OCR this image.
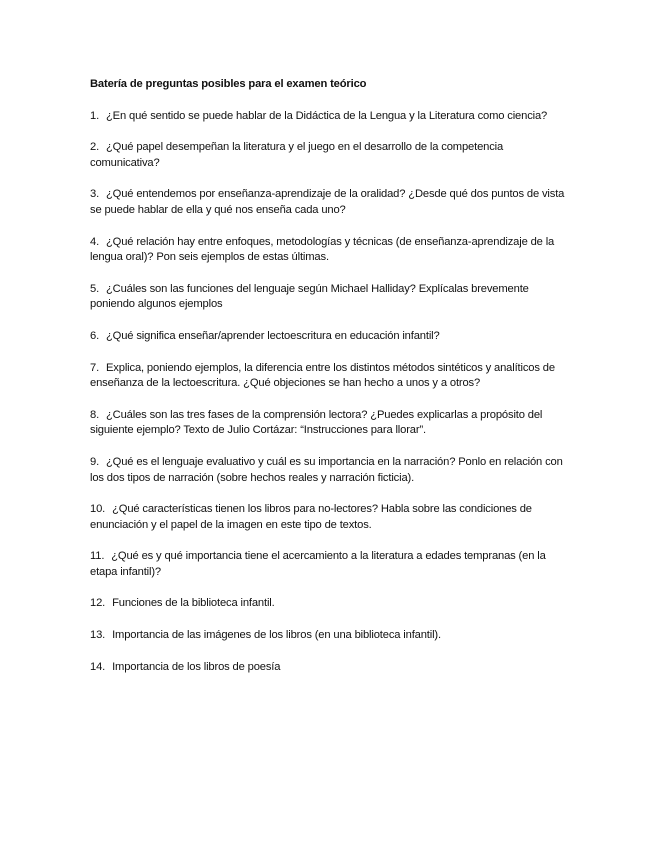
Batería de preguntas posibles para el examen teórico
1. ¿En qué sentido se puede hablar de la Didáctica de la Lengua y la Literatura como ciencia?
2. ¿Qué papel desempeñan la literatura y el juego en el desarrollo de la competencia comunicativa?
3. ¿Qué entendemos por enseñanza-aprendizaje de la oralidad? ¿Desde qué dos puntos de vista se puede hablar de ella y qué nos enseña cada uno?
4. ¿Qué relación hay entre enfoques, metodologías y técnicas (de enseñanza-aprendizaje de la lengua oral)? Pon seis ejemplos de estas últimas.
5. ¿Cuáles son las funciones del lenguaje según Michael Halliday? Explícalas brevemente poniendo algunos ejemplos
6. ¿Qué significa enseñar/aprender lectoescritura en educación infantil?
7. Explica, poniendo ejemplos, la diferencia entre los distintos métodos sintéticos y analíticos de enseñanza de la lectoescritura. ¿Qué objeciones se han hecho a unos y a otros?
8. ¿Cuáles son las tres fases de la comprensión lectora? ¿Puedes explicarlas a propósito del siguiente ejemplo? Texto de Julio Cortázar: “Instrucciones para llorar”.
9. ¿Qué es el lenguaje evaluativo y cuál es su importancia en la narración? Ponlo en relación con los dos tipos de narración (sobre hechos reales y narración ficticia).
10. ¿Qué características tienen los libros para no-lectores? Habla sobre las condiciones de enunciación y el papel de la imagen en este tipo de textos.
11. ¿Qué es y qué importancia tiene el acercamiento a la literatura a edades tempranas (en la etapa infantil)?
12. Funciones de la biblioteca infantil.
13. Importancia de las imágenes de los libros (en una biblioteca infantil).
14. Importancia de los libros de poesía
